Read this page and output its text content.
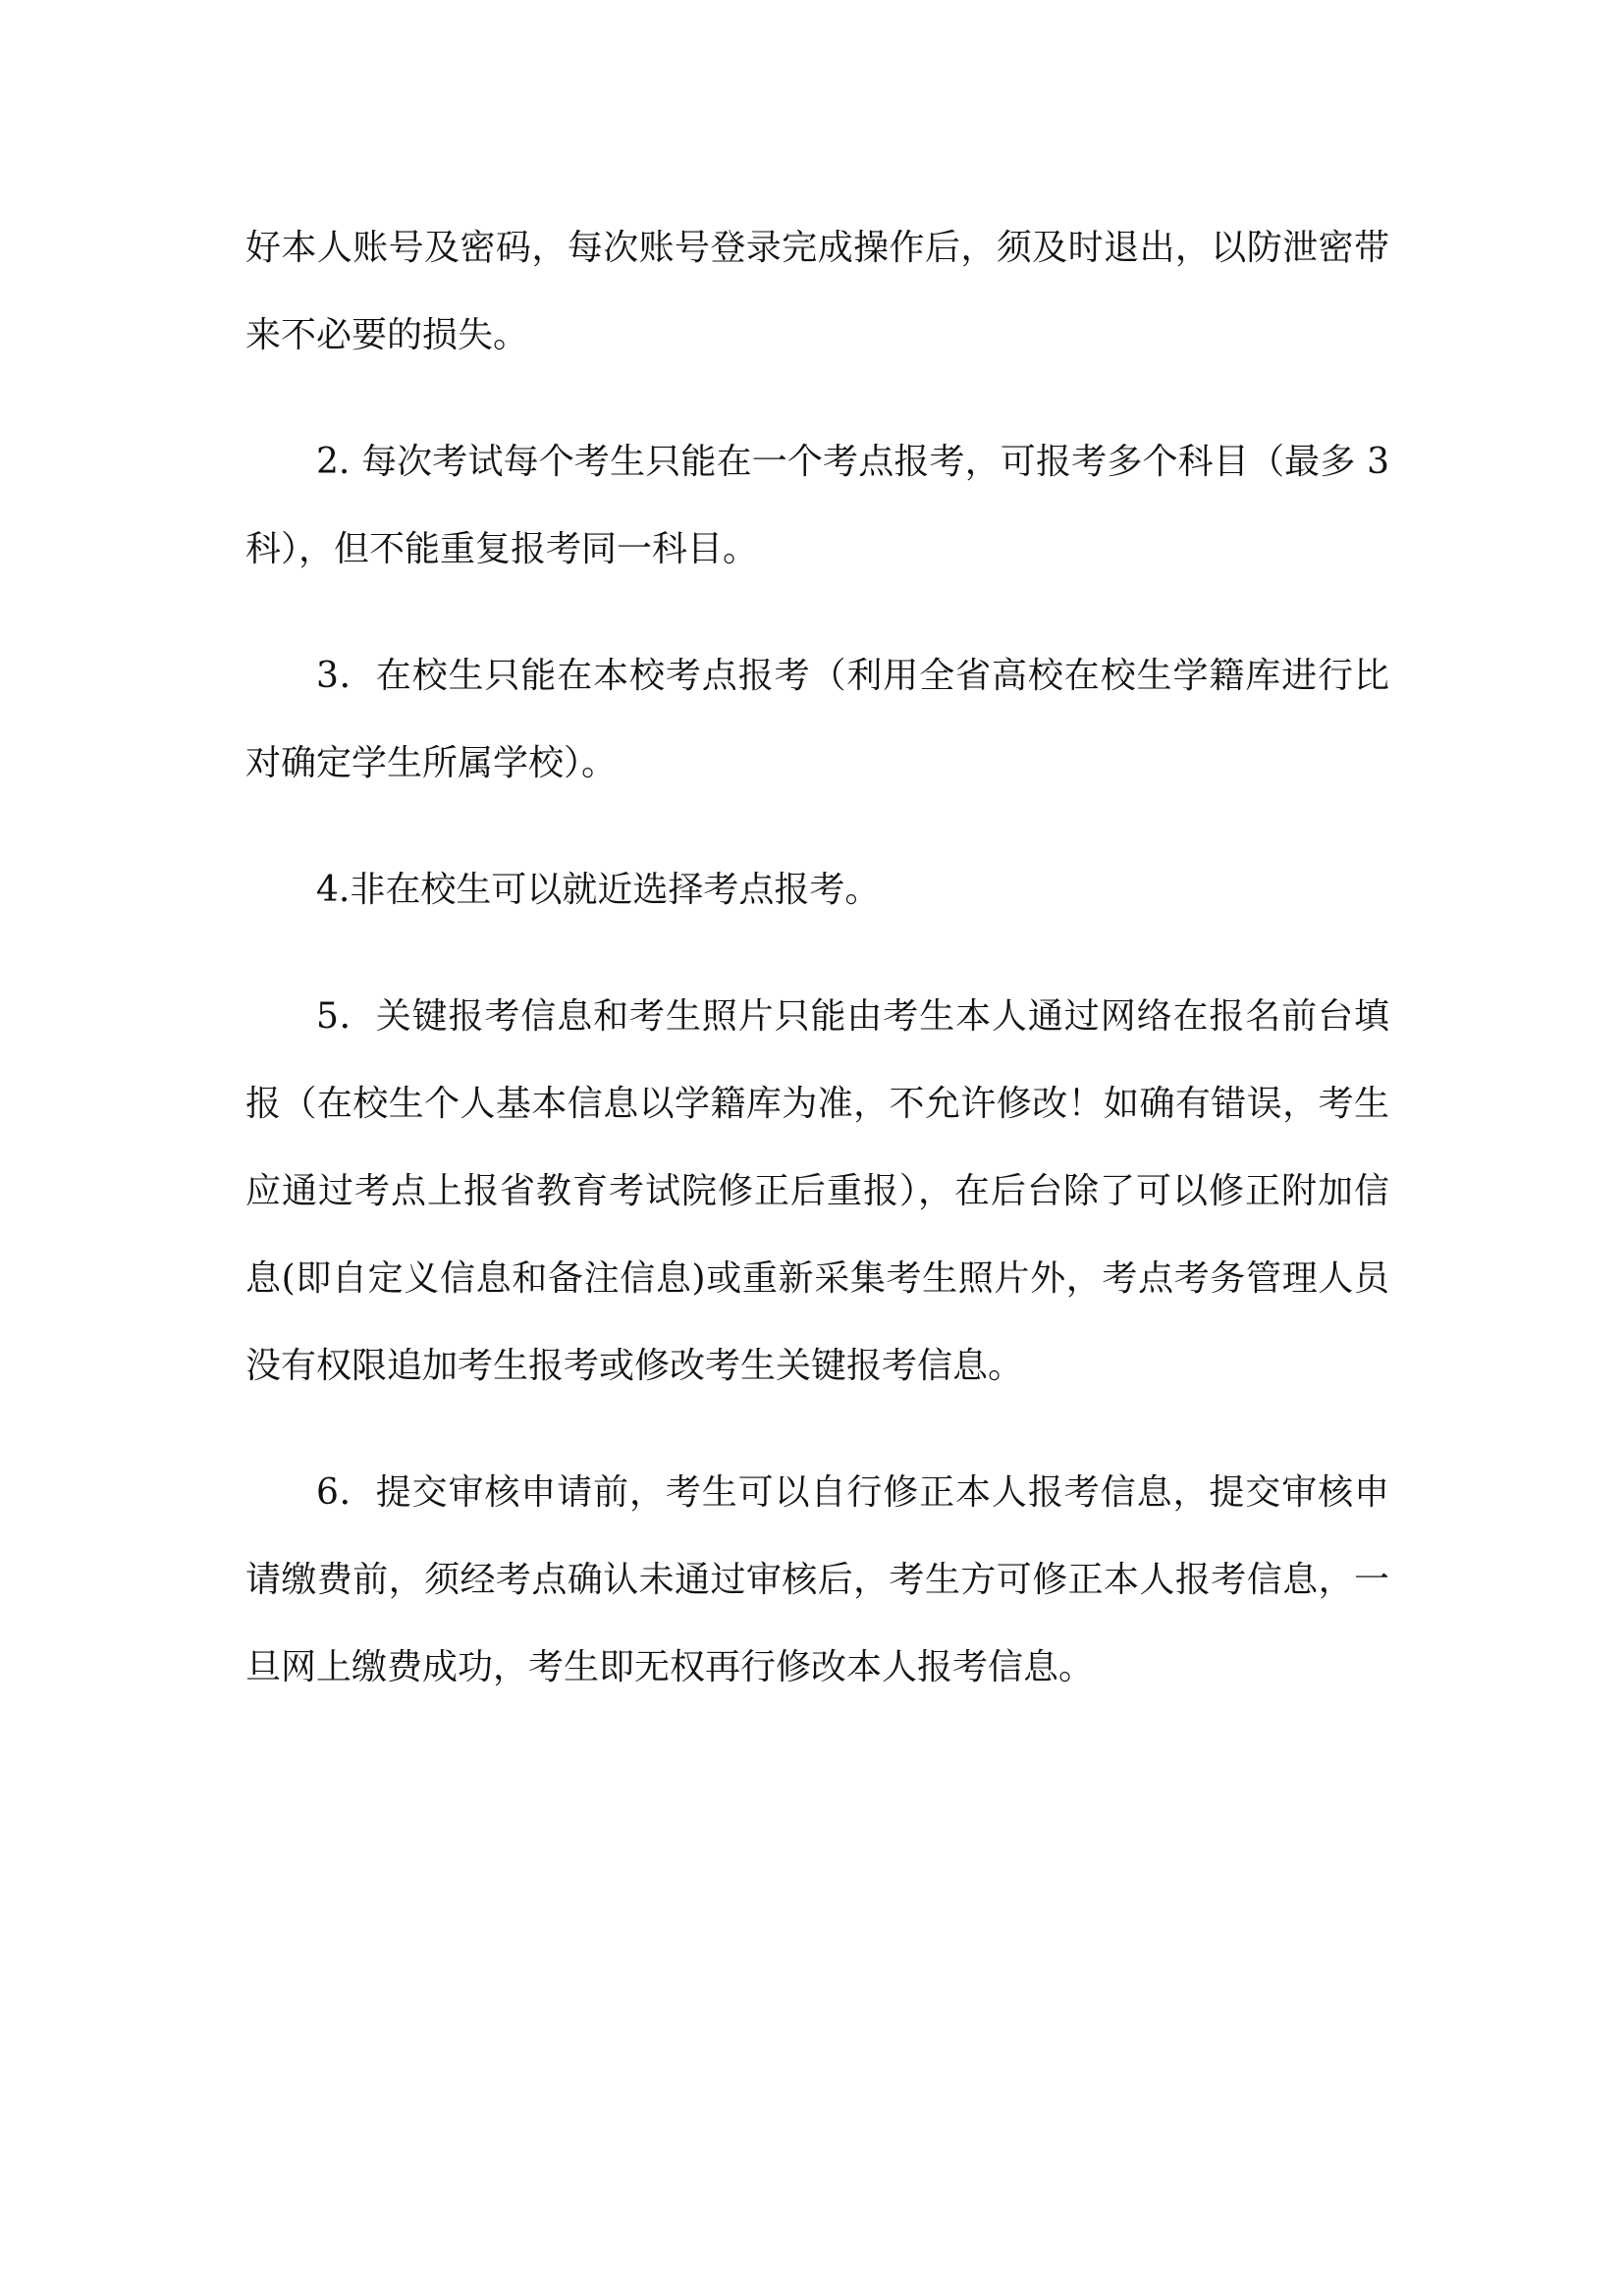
好本人账号及密码，每次账号登录完成操作后，须及时退出，以防泄密带来不必要的损失。

2. 每次考试每个考生只能在一个考点报考，可报考多个科目（最多 3 科），但不能重复报考同一科目。

3．在校生只能在本校考点报考（利用全省高校在校生学籍库进行比对确定学生所属学校）。

4.非在校生可以就近选择考点报考。

5．关键报考信息和考生照片只能由考生本人通过网络在报名前台填报（在校生个人基本信息以学籍库为准，不允许修改！如确有错误，考生应通过考点上报省教育考试院修正后重报），在后台除了可以修正附加信息(即自定义信息和备注信息)或重新采集考生照片外，考点考务管理人员没有权限追加考生报考或修改考生关键报考信息。

6．提交审核申请前，考生可以自行修正本人报考信息，提交审核申请缴费前，须经考点确认未通过审核后，考生方可修正本人报考信息，一旦网上缴费成功，考生即无权再行修改本人报考信息。
